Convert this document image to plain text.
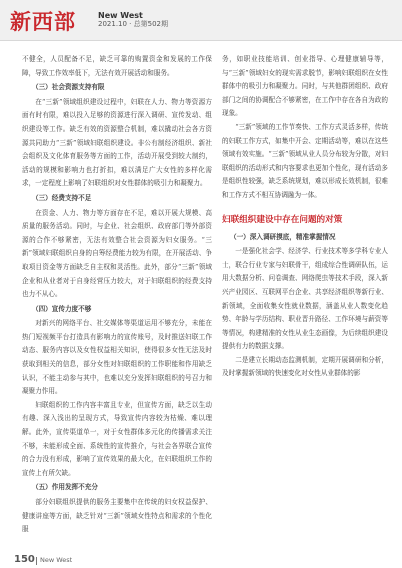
新西部	New West
2021.10 · 总第502期

不健全，人员配备不足，缺乏可靠的购置资金和发展的工作保障，导致工作效率低下，无法有效开展活动和服务。

（三）社会资源支持有限

在“三新”领域组织建设过程中，妇联在人力、物力等资源方面有时有限，难以投入足够的资源进行深入调研、宣传发动、组织建设等工作。缺乏有效的资源整合机制，难以撬动社会各方资源共同助力“三新”领域妇联组织建设。非公有制经济组织、新社会组织及文化体育服务等方面的工作，活动开展受到较大制约，活动的规模和影响力也打折扣，难以满足广大女性的多样化需求，一定程度上影响了妇联组织对女性群体的吸引力和凝聚力。

（三）经费支持不足

在资金、人力、物力等方面存在不足，难以开展大规模、高质量的服务活动。同时，与企业、社会组织、政府部门等外部资源的合作不够紧密，无法有效整合社会资源为妇女服务。“三新”领域妇联组织自身的自筹经费能力较为有限，在开展活动、争取项目资金等方面缺乏自主权和灵活性。此外，部分“三新”领域企业和从业者对于自身经营压力较大，对于妇联组织的经费支持也力不从心。

（四）宣传力度不够

对新兴的网络平台、社交媒体等渠道运用不够充分，未能在热门短视频平台打造具有影响力的宣传账号，及时推送妇联工作动态、服务内容以及女性权益相关知识，使得很多女性无法及时获取到相关的信息，部分女性对妇联组织的工作职能和作用缺乏认识，不能主动参与其中，也难以充分发挥妇联组织的号召力和凝聚力作用。

妇联组织的工作内容丰富且专业，但宣传方面，缺乏以生动有趣、深入浅出的呈现方式，导致宣传内容较为枯燥、难以理解。此外，宣传渠道单一，对于女性群体多元化的传播需求关注不够，未能形成全面、系统性的宣传推介，与社会各界联合宣传的合力没有形成，影响了宣传效果的最大化，在妇联组织工作的宣传上有所欠缺。

（五）作用发挥不充分

部分妇联组织提供的服务主要集中在传统的妇女权益保护、健康讲座等方面，缺乏针对“三新”领域女性特点和需求的个性化服

务，如职业技能培训、创业指导、心理健康辅导等，与“三新”领域妇女的现实需求脱节，影响妇联组织在女性群体中的吸引力和凝聚力。同时，与其他群团组织、政府部门之间的协调配合不够紧密，在工作中存在各自为政的现象。

“三新”领域的工作节奏快、工作方式灵活多样，传统的妇联工作方式，如集中开会、定期活动等，难以在这些领域有效实施。“三新”领域从业人员分布较为分散，对妇联组织的活动形式和内容要求也更加个性化，现有活动多是组织性较强，缺乏系统规划，难以形成长效机制，很难和工作方式不相互协调融为一体。

妇联组织建设中存在问题的对策
（一）深入调研摸底，精准掌握情况

一是强化社会学、经济学、行业技术等多学科专业人士，联合行业专家与妇联骨干，组成综合性调研队伍，运用大数据分析、问卷调查、网络爬虫等技术手段，深入新兴产业园区、互联网平台企业、共享经济组织等新行业、新领域，全面收集女性就业数据，涵盖从业人数变化趋势、年龄与学历结构、职业晋升路径、工作环境与薪资等等情况，构建精准的女性从业生态画像，为后续组织建设提供有力的数据支撑。

二是建立长期动态监测机制，定期开展调研和分析，及时掌握新领域的快速变化对女性从业群体的影

150 New West
